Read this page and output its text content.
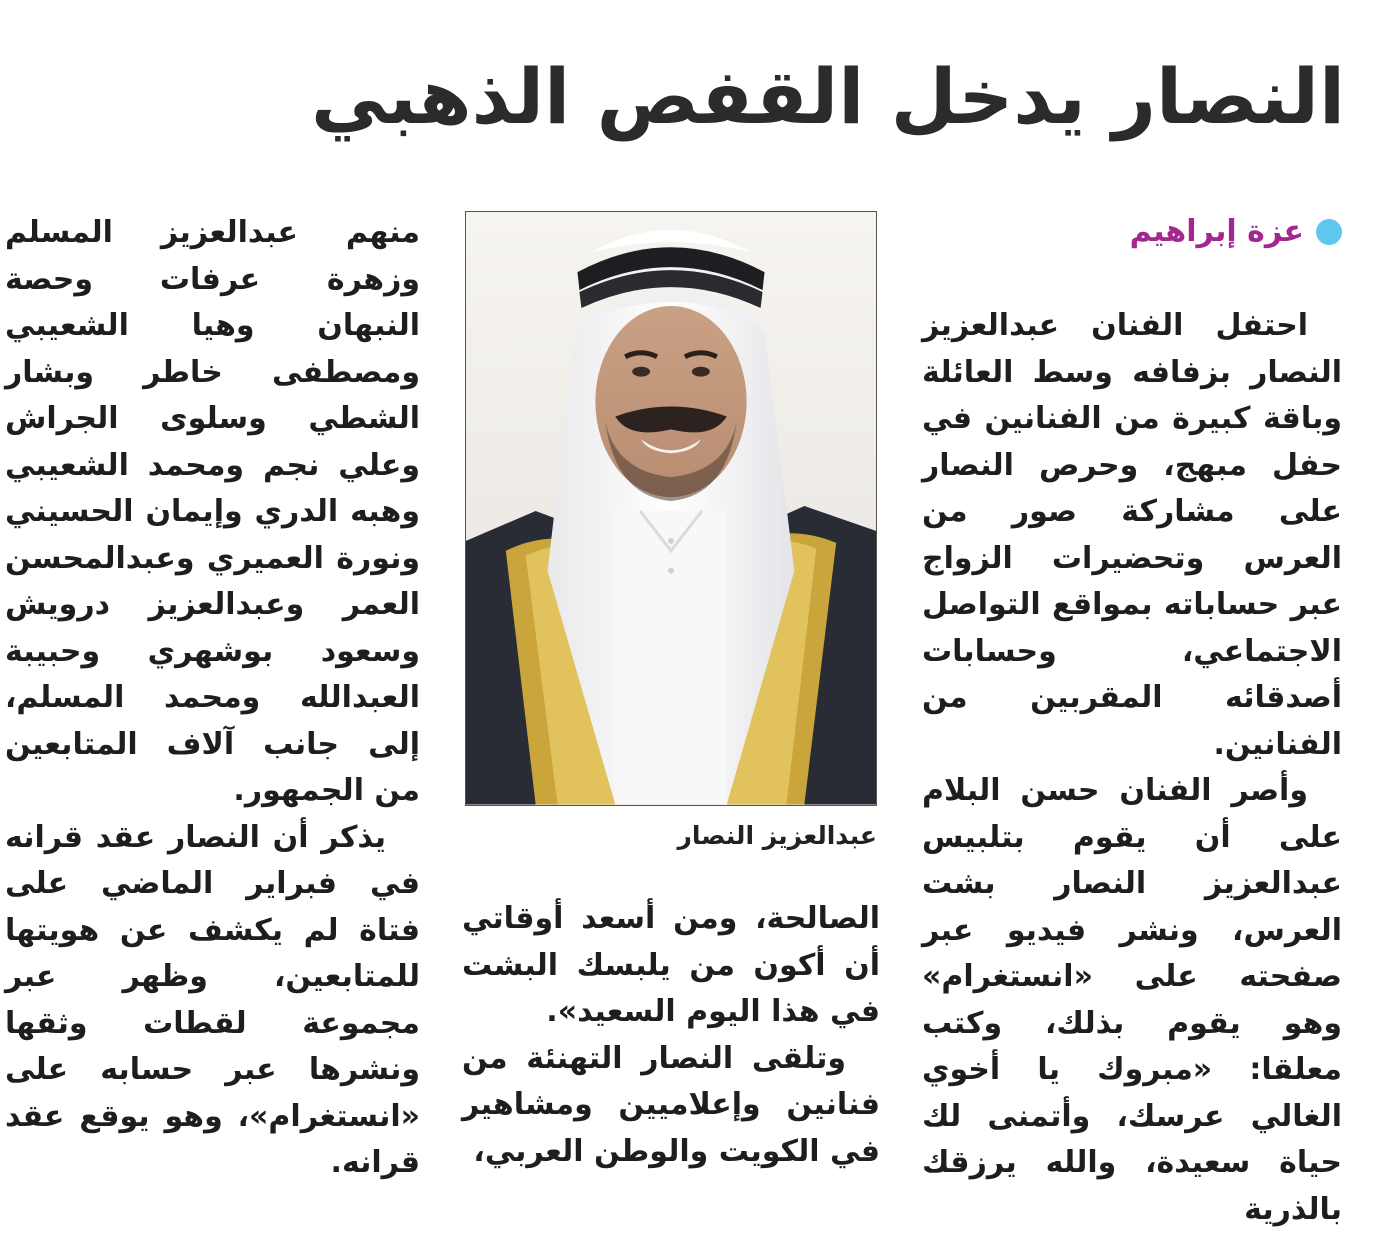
النصار يدخل القفص الذهبي
عزة إبراهيم

احتفل الفنان عبدالعزيز النصار بزفافه وسط العائلة وباقة كبيرة من الفنانين في حفل مبهج، وحرص النصار على مشاركة صور من العرس وتحضيرات الزواج عبر حساباته بمواقع التواصل الاجتماعي، وحسابات أصدقائه المقربين من الفنانين.

وأصر الفنان حسن البلام على أن يقوم بتلبيس عبدالعزيز النصار بشت العرس، ونشر فيديو عبر صفحته على «انستغرام» وهو يقوم بذلك، وكتب معلقا: «مبروك يا أخوي الغالي عرسك، وأتمنى لك حياة سعيدة، والله يرزقك بالذرية

عبدالعزيز النصار

الصالحة، ومن أسعد أوقاتي أن أكون من يلبسك البشت في هذا اليوم السعيد».

وتلقى النصار التهنئة من فنانين وإعلاميين ومشاهير في الكويت والوطن العربي،

منهم عبدالعزيز المسلم وزهرة عرفات وحصة النبهان وهيا الشعيبي ومصطفى خاطر وبشار الشطي وسلوى الجراش وعلي نجم ومحمد الشعيبي وهبه الدري وإيمان الحسيني ونورة العميري وعبدالمحسن العمر وعبدالعزيز درويش وسعود بوشهري وحبيبة العبدالله ومحمد المسلم، إلى جانب آلاف المتابعين من الجمهور.

يذكر أن النصار عقد قرانه في فبراير الماضي على فتاة لم يكشف عن هويتها للمتابعين، وظهر عبر مجموعة لقطات وثقها ونشرها عبر حسابه على «انستغرام»، وهو يوقع عقد قرانه.
